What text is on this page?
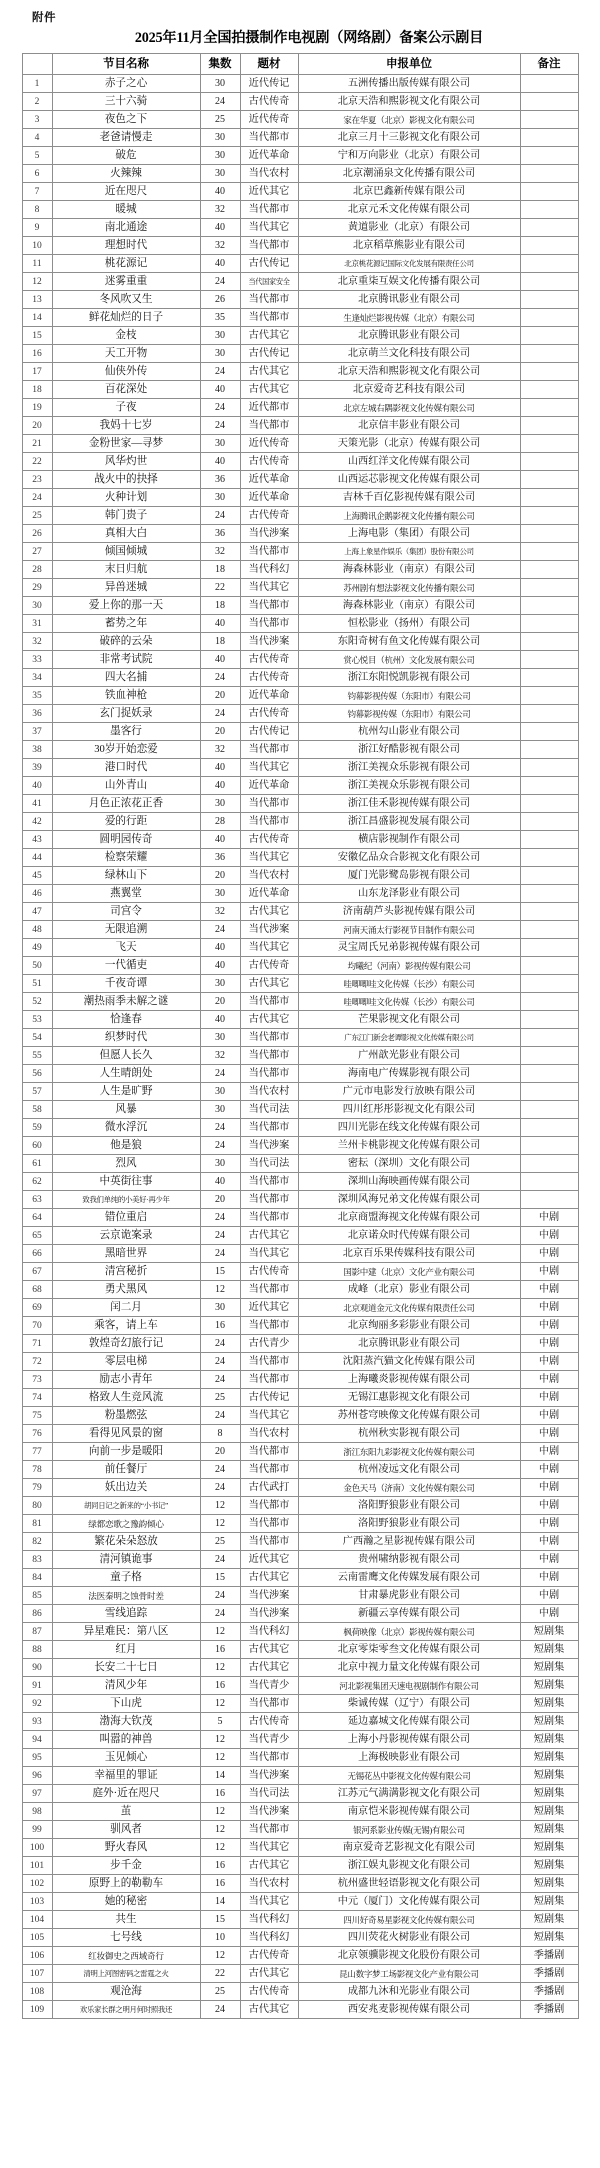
附件
2025年11月全国拍摄制作电视剧（网络剧）备案公示剧目
	节目名称	集数	题材	申报单位	备注
1	赤子之心	30	近代传记	五洲传播出版传媒有限公司	
2	三十六骑	24	古代传奇	北京天浩和熙影视文化有限公司	
3	夜色之下	25	近代传奇	家在华夏（北京）影视文化有限公司	
4	老爸请慢走	30	当代都市	北京三月十三影视文化有限公司	
5	破危	30	近代革命	宁和万向影业（北京）有限公司	
6	火辣辣	30	当代农村	北京潮涌泉文化传播有限公司	
7	近在咫尺	40	近代其它	北京巴鑫新传媒有限公司	
8	暖城	32	当代都市	北京元禾文化传媒有限公司	
9	南北通途	40	当代其它	黄道影业（北京）有限公司	
10	理想时代	32	当代都市	北京稻草熊影业有限公司	
11	桃花源记	40	古代传记	北京桃花源记国际文化发展有限责任公司	
12	迷雾重重	24	当代国家安全	北京重柒互娱文化传播有限公司	
13	冬风吹又生	26	当代都市	北京腾讯影业有限公司	
14	鲜花灿烂的日子	35	当代都市	生逢灿烂影视传媒（北京）有限公司	
15	金枝	30	古代其它	北京腾讯影业有限公司	
16	天工开物	30	古代传记	北京萌兰文化科技有限公司	
17	仙侠外传	24	古代其它	北京天浩和熙影视文化有限公司	
18	百花深处	40	古代其它	北京爱奇艺科技有限公司	
19	子夜	24	近代都市	北京左城右隅影视文化传媒有限公司	
20	我妈十七岁	24	当代都市	北京信丰影业有限公司	
21	金粉世家—寻梦	30	近代传奇	天策光影（北京）传媒有限公司	
22	风华灼世	40	古代传奇	山西红洋文化传媒有限公司	
23	战火中的抉择	36	近代革命	山西运芯影视文化传媒有限公司	
24	火种计划	30	近代革命	吉林千百亿影视传媒有限公司	
25	韩门贵子	24	古代传奇	上海腾讯企鹅影视文化传播有限公司	
26	真相大白	36	当代涉案	上海电影（集团）有限公司	
27	倾国倾城	32	当代都市	上海上象星作娱乐（集团）股份有限公司	
28	末日归航	18	当代科幻	海森林影业（南京）有限公司	
29	异兽迷城	22	当代其它	苏州剧有想法影视文化传播有限公司	
30	爱上你的那一天	18	当代都市	海森林影业（南京）有限公司	
31	蓄势之年	40	当代都市	恒松影业（扬州）有限公司	
32	破碎的云朵	18	当代涉案	东阳奇树有鱼文化传媒有限公司	
33	非常考试院	40	古代传奇	赏心悦目（杭州）文化发展有限公司	
34	四大名捕	24	古代传奇	浙江东阳悦凯影视有限公司	
35	铁血神枪	20	近代革命	钧幕影视传媒（东阳市）有限公司	
36	玄门捉妖录	24	古代传奇	钧幕影视传媒（东阳市）有限公司	
37	墨客行	20	古代传记	杭州勾山影业有限公司	
38	30岁开始恋爱	32	当代都市	浙江好酷影视有限公司	
39	港口时代	40	当代其它	浙江美视众乐影视有限公司	
40	山外青山	40	近代革命	浙江美视众乐影视有限公司	
41	月色正浓花正香	30	当代都市	浙江佳禾影视传媒有限公司	
42	爱的行距	28	当代都市	浙江昌盛影视发展有限公司	
43	圆明园传奇	40	古代传奇	横店影视制作有限公司	
44	检察荣耀	36	当代其它	安徽亿品众合影视文化有限公司	
45	绿林山下	20	当代农村	厦门光影鹭岛影视有限公司	
46	燕翼堂	30	近代革命	山东龙泽影业有限公司	
47	司宫令	32	古代其它	济南葫芦头影视传媒有限公司	
48	无限追溯	24	当代涉案	河南天涌太行影视节目制作有限公司	
49	飞天	40	当代其它	灵宝周氏兄弟影视传媒有限公司	
50	一代循吏	40	古代传奇	均曦纪（河南）影视传媒有限公司	
51	千夜奇谭	30	古代其它	哇唧唧哇文化传媒（长沙）有限公司	
52	潮热雨季未解之谜	20	当代都市	哇唧唧哇文化传媒（长沙）有限公司	
53	恰逢春	40	古代其它	芒果影视文化有限公司	
54	织梦时代	30	当代都市	广东江门新会老谭影视文化传媒有限公司	
55	但愿人长久	32	当代都市	广州歆光影业有限公司	
56	人生晴朗处	24	当代都市	海南电广传媒影视有限公司	
57	人生是旷野	30	当代农村	广元市电影发行放映有限公司	
58	风暴	30	当代司法	四川红彤彤影视文化有限公司	
59	微水浮沉	24	当代都市	四川光影在线文化传媒有限公司	
60	他是狼	24	当代涉案	兰州卡桃影视文化传媒有限公司	
61	烈风	30	当代司法	密耘（深圳）文化有限公司	
62	中英街往事	40	当代都市	深圳山海映画传媒有限公司	
63	致我们单纯的小美好·再少年	20	当代都市	深圳风海兄弟文化传媒有限公司	
64	错位重启	24	当代都市	北京商盟海视文化传媒有限公司	中剧
65	云京诡案录	24	古代其它	北京诺众时代传媒有限公司	中剧
66	黑暗世界	24	当代其它	北京百乐果传媒科技有限公司	中剧
67	清宫秘折	15	古代传奇	国影中建（北京）文化产业有限公司	中剧
68	勇犬黑风	12	当代都市	成峰（北京）影业有限公司	中剧
69	闰二月	30	近代其它	北京观道金元文化传媒有限责任公司	中剧
70	乘客，请上车	16	当代都市	北京绚丽多彩影业有限公司	中剧
71	敦煌奇幻旅行记	24	古代青少	北京腾讯影业有限公司	中剧
72	零层电梯	24	当代都市	沈阳蒸汽猫文化传媒有限公司	中剧
73	励志小青年	24	当代都市	上海曦炎影视传媒有限公司	中剧
74	格致人生竞风流	25	古代传记	无锡江惠影视文化有限公司	中剧
75	粉墨燃弦	24	当代其它	苏州苍穹映像文化传媒有限公司	中剧
76	看得见风景的窗	8	当代农村	杭州秋实影视有限公司	中剧
77	向前一步是暖阳	20	当代都市	浙江东阳九彩影视文化传媒有限公司	中剧
78	前任餐厅	24	当代都市	杭州凌远文化有限公司	中剧
79	妖出边关	24	古代武打	金色天马（济南）文化传媒有限公司	中剧
80	胡同日记之新来的“小书记”	12	当代都市	洛阳野狼影业有限公司	中剧
81	绿都恋歌之豫韵倾心	12	当代都市	洛阳野狼影业有限公司	中剧
82	繁花朵朵怒放	25	当代都市	广西瀚之星影视传媒有限公司	中剧
83	清河镇诡事	24	近代其它	贵州啸纳影视有限公司	中剧
84	童子格	15	古代其它	云南雷鹰文化传媒发展有限公司	中剧
85	法医秦明之蚀骨时差	24	当代涉案	甘肃暴虎影业有限公司	中剧
86	雪线追踪	24	当代涉案	新疆云享传媒有限公司	中剧
87	异星难民：第八区	12	当代科幻	枫荷映像（北京）影视传媒有限公司	短剧集
88	红月	16	古代其它	北京零柒零叁文化传媒有限公司	短剧集
90	长安二十七日	12	古代其它	北京中视力量文化传媒有限公司	短剧集
91	清风少年	16	当代青少	河北影视集团天速电视剧制作有限公司	短剧集
92	下山虎	12	当代都市	柴诚传媒（辽宁）有限公司	短剧集
93	渤海大钦茂	5	古代传奇	延边嘉城文化传媒有限公司	短剧集
94	叫嚣的神兽	12	当代青少	上海小丹影视传媒有限公司	短剧集
95	玉见倾心	12	当代都市	上海极映影业有限公司	短剧集
96	幸福里的罪证	14	当代涉案	无锡花丛中影视文化传媒有限公司	短剧集
97	庭外·近在咫尺	16	当代司法	江苏元气满满影视文化有限公司	短剧集
98	茧	12	当代涉案	南京恺米影视传媒有限公司	短剧集
99	驯风者	12	当代都市	银河系影业传媒(无锡)有限公司	短剧集
100	野火春风	12	当代其它	南京爱奇艺影视文化有限公司	短剧集
101	步千金	16	古代其它	浙江娱丸影视文化有限公司	短剧集
102	原野上的勒勒车	16	当代农村	杭州盛世轻语影视文化有限公司	短剧集
103	她的秘密	14	当代其它	中元（厦门）文化传媒有限公司	短剧集
104	共生	15	当代科幻	四川好奇易星影视文化传媒有限公司	短剧集
105	七号线	10	当代科幻	四川荧花火树影业有限公司	短剧集
106	红妆御史之西域奇行	12	古代传奇	北京领骥影视文化股份有限公司	季播剧
107	清明上河图密码之雷霆之火	22	古代其它	昆山数字梦工场影视文化产业有限公司	季播剧
108	观沧海	25	古代传奇	成都九沐和光影业有限公司	季播剧
109	欢乐家长群之明月何时照我还	24	古代其它	西安兆麦影视传媒有限公司	季播剧
